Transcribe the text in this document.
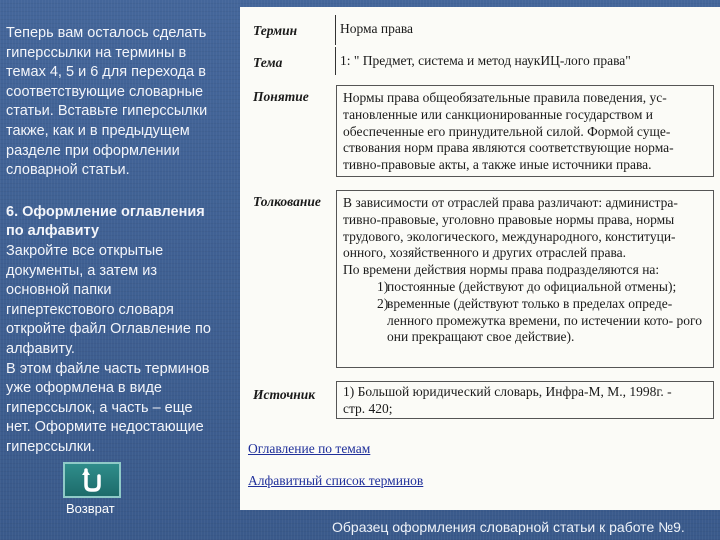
Теперь вам осталось сделать

гиперссылки на термины в

темах 4, 5 и 6 для перехода в

соответствующие словарные

статьи. Вставьте гиперссылки

также, как и в предыдущем

разделе при оформлении

словарной статьи.

6. Оформление оглавления

по алфавиту

Закройте все открытые

документы, а затем из

основной папки

гипертекстового словаря

откройте файл Оглавление по

алфавиту.

В этом файле часть терминов

уже оформлена в виде

гиперссылок, а часть – еще

нет. Оформите недостающие

гиперссылки.

Возврат
Термин	Норма права
Тема	1: " Предмет, система и метод наукИЦ-лого права"
Понятие	Нормы права общеобязательные правила поведения, ус-
тановленные или санкционированные государством и
обеспеченные его принудительной силой. Формой суще-
ствования норм права являются соответствующие норма-
тивно-правовые акты, а также иные источники права.
Толкование В зависимости от отраслей права различают: администра-
тивно-правовые, уголовно правовые нормы права, нормы
трудового, экологического, международного, конституци-
онного, хозяйственного и других отраслей права.
По времени действия нормы права подразделяются на:
1)
постоянные (действуют до официальной отмены);
2)
временные (действуют только в пределах опреде-
ленного промежутка времени, по истечении кото- рого они прекращают свое действие).
Источник 1) Большой юридический словарь, Инфра-М, М., 1998г. -
стр. 420;
Оглавление по темам
Алфавитный список терминов
Образец оформления словарной статьи к работе №9.
